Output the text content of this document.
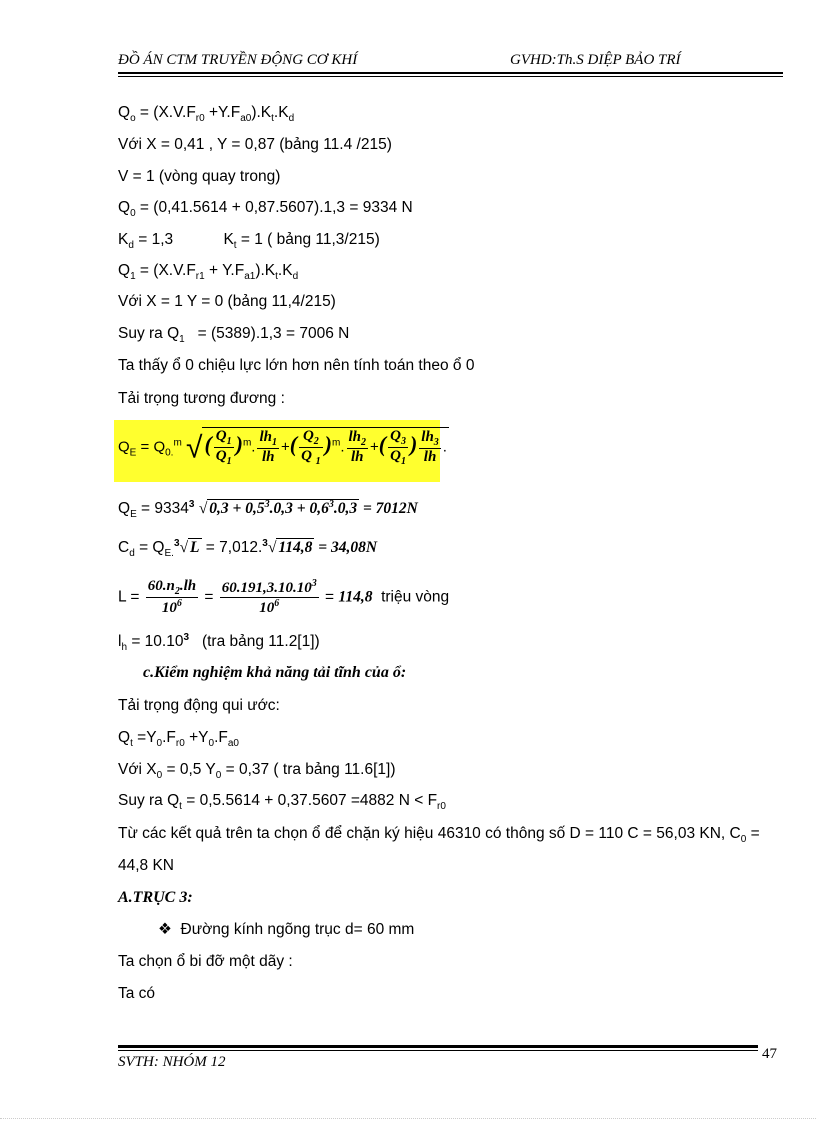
ĐỒ ÁN CTM TRUYỀN ĐỘNG CƠ KHÍ	GVHD:Th.S DIỆP BẢO TRÍ
$Q_o = (X.V.F_{r0} +Y.F_{a0}).K_t.K_d$
Với X = 0,41 , Y = 0,87 (bảng 11.4 /215)
V = 1 (vòng quay trong)
$Q_0 = (0,41.5614 + 0,87.5607).1,3 = 9334$ N
$K_d = 1,3$	$K_t = 1$ ( bảng 11,3/215)
$Q_1 = (X.V.F_{r1} + Y.F_{a1}).K_t.K_d$
Với X = 1 Y = 0 (bảng 11,4/215)
Suy ra $Q_1 = (5389).1,3 = 7006$ N
Ta thấy ổ 0 chiệu lực lớn hơn nên tính toán theo ổ 0
Tải trọng tương đương :
$Q_E = Q_{0.}^m$ √( $\frac{Q_1}{Q_1} )^m$. $\frac{lh_1}{lh}$ +( $\frac{Q_2}{Q _1} )^m$. $\frac{lh_2}{lh}$ +( $\frac{Q_3}{Q_1}$ ) $\frac{lh_3}{lh}$ .
$Q_E = 9334^3$ √ $0,3 + 0,5^3.0,3 + 0,6^3.0,3 = 7012N$
$C_d = Q_{E.}^3√$ L = 7,012.$^3$√ 114,8 = 34,08N
$L = \frac{60.n_2.lh}{10^6} = \frac{60.191,3.10.10^3}{10^6} = 114,8$  triệu vòng
$l_h = 10.10^3$   (tra bảng 11.2[1])
c.Kiểm nghiệm khả năng tải tĩnh của ổ:
Tải trọng động qui ước:
$Q_t =Y_0.F_{r0} +Y_0.F_{a0}$
Với $X_0 = 0,5$ $Y_0 = 0,37$ ( tra bảng 11.6[1])
Suy ra $Q_t = 0,5.5614 + 0,37.5607 =4882$ $N < F_{r0}$
Từ các kết quả trên ta chọn ổ để chặn ký hiệu 46310 có thông số D = 110 C = 56,03 KN, $C_0$ =
44,8 KN
A.TRỤC 3:
❖ Đường kính ngõng trục d= 60 mm
Ta chọn ổ bi đỡ một dãy :
Ta có
SVTH: NHÓM 12	47
